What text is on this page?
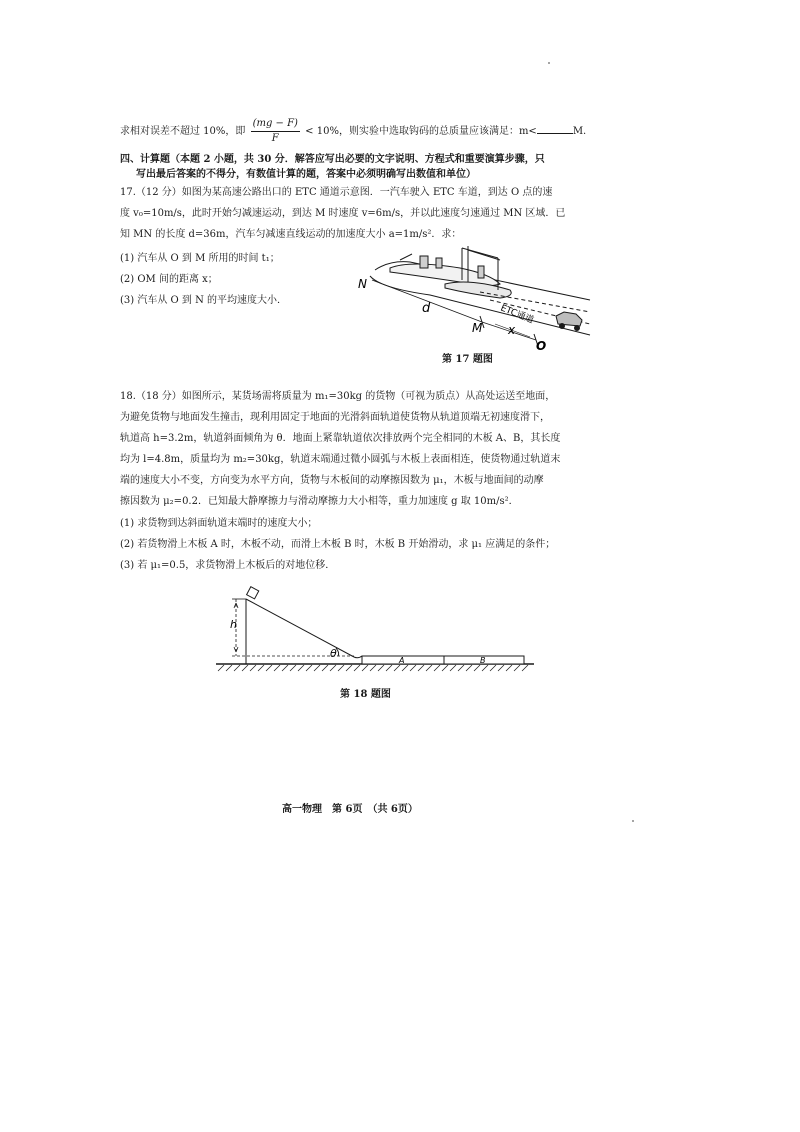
求相对误差不超过 10%，即 $\frac{(mg - F)}{F} < 10\%$，则实验中选取钩码的总质量应该满足：m<	M.
四、计算题（本题 2 小题，共 30 分．解答应写出必要的文字说明、方程式和重要演算步骤，只
写出最后答案的不得分，有数值计算的题，答案中必须明确写出数值和单位）
17.（12 分）如图为某高速公路出口的 ETC 通道示意图．一汽车驶入 ETC 车道，到达 O 点的速
度 v₀=10m/s，此时开始匀减速运动，到达 M 时速度 v=6m/s，并以此速度匀速通过 MN 区域．已
知 MN 的长度 d=36m，汽车匀减速直线运动的加速度大小 a=1m/s²．求：
(1) 汽车从 O 到 M 所用的时间 t₁；
(2) OM 间的距离 x；
(3) 汽车从 O 到 N 的平均速度大小．
N
d
M x
O
ETC通道
第 17 题图
18.（18 分）如图所示，某货场需将质量为 m₁=30kg 的货物（可视为质点）从高处运送至地面，
为避免货物与地面发生撞击，现利用固定于地面的光滑斜面轨道使货物从轨道顶端无初速度滑下，
轨道高 h=3.2m，轨道斜面倾角为 θ．地面上紧靠轨道依次排放两个完全相同的木板 A、B，其长度
均为 l=4.8m，质量均为 m₂=30kg，轨道末端通过微小圆弧与木板上表面相连，使货物通过轨道末
端的速度大小不变，方向变为水平方向，货物与木板间的动摩擦因数为 μ₁，木板与地面间的动摩
擦因数为 μ₂=0.2．已知最大静摩擦力与滑动摩擦力大小相等，重力加速度 g 取 10m/s²．
(1) 求货物到达斜面轨道末端时的速度大小；
(2) 若货物滑上木板 A 时，木板不动，而滑上木板 B 时，木板 B 开始滑动，求 μ₁ 应满足的条件；
(3) 若 μ₁=0.5，求货物滑上木板后的对地位移．
h
θ
A	B
第 18 题图
高一物理　第 6页　（共 6页）
